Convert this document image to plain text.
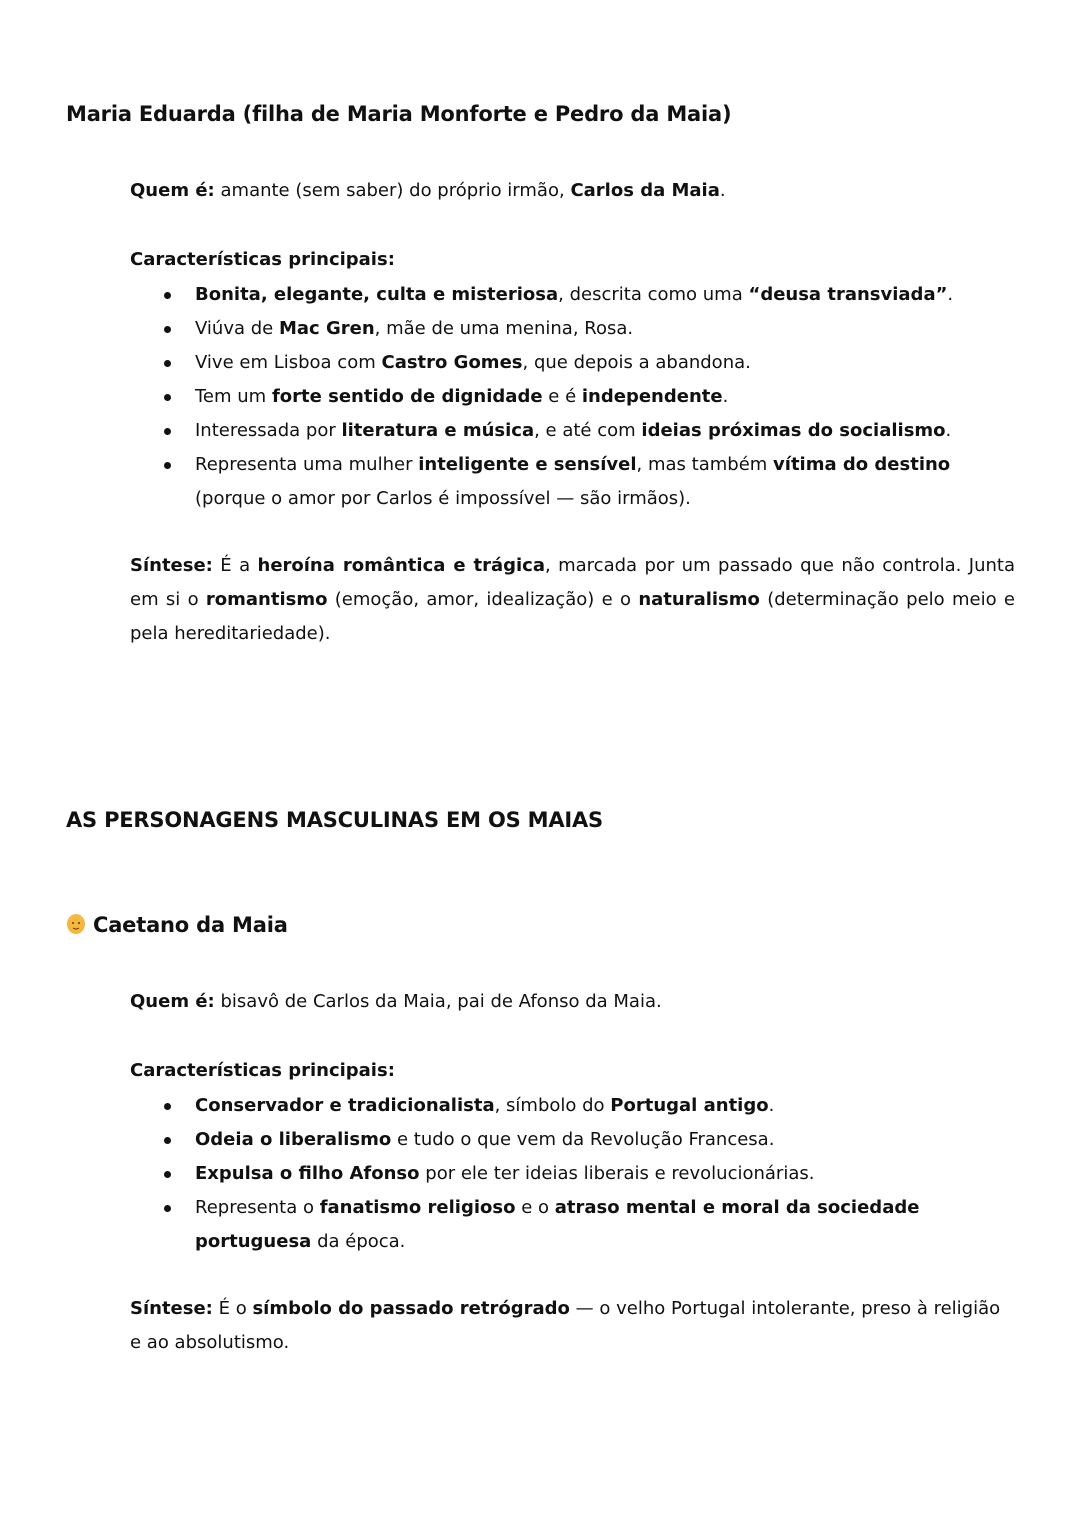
Maria Eduarda (filha de Maria Monforte e Pedro da Maia)

Quem é: amante (sem saber) do próprio irmão, Carlos da Maia.

Características principais:

Bonita, elegante, culta e misteriosa, descrita como uma “deusa transviada”.
Viúva de Mac Gren, mãe de uma menina, Rosa.
Vive em Lisboa com Castro Gomes, que depois a abandona.
Tem um forte sentido de dignidade e é independente.
Interessada por literatura e música, e até com ideias próximas do socialismo.
Representa uma mulher inteligente e sensível, mas também vítima do destino (porque o amor por Carlos é impossível — são irmãos).

Síntese: É a heroína romântica e trágica, marcada por um passado que não controla. Junta em si o romantismo (emoção, amor, idealização) e o naturalismo (determinação pelo meio e pela hereditariedade).

AS PERSONAGENS MASCULINAS EM OS MAIAS
Caetano da Maia

Quem é: bisavô de Carlos da Maia, pai de Afonso da Maia.

Características principais:

Conservador e tradicionalista, símbolo do Portugal antigo.
Odeia o liberalismo e tudo o que vem da Revolução Francesa.
Expulsa o filho Afonso por ele ter ideias liberais e revolucionárias.
Representa o fanatismo religioso e o atraso mental e moral da sociedade portuguesa da época.

Síntese: É o símbolo do passado retrógrado — o velho Portugal intolerante, preso à religião e ao absolutismo.
